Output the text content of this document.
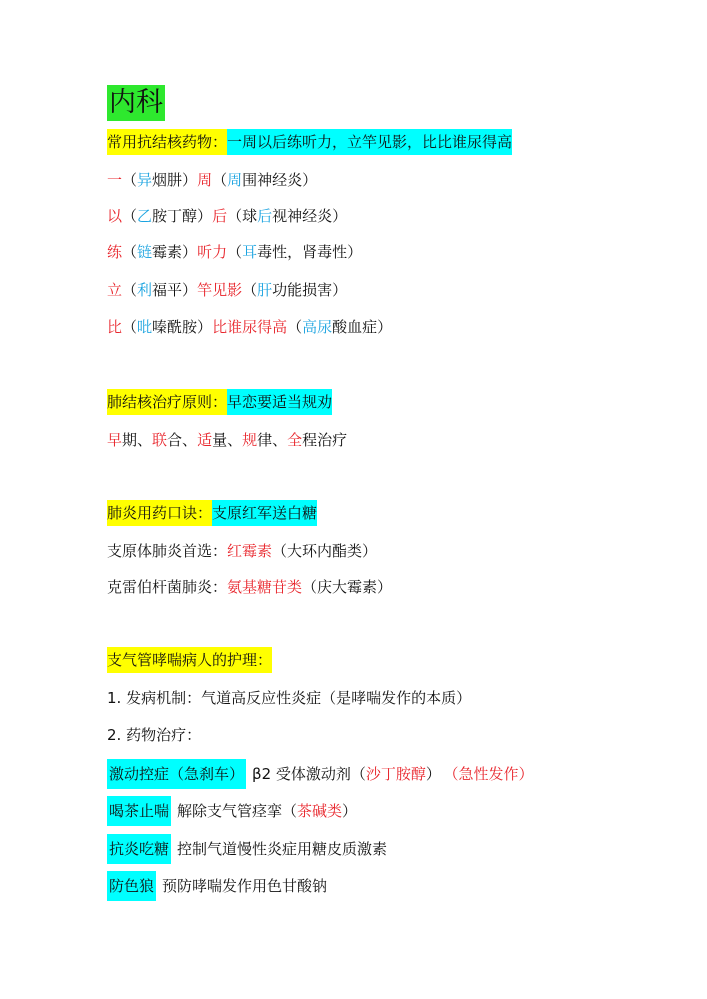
内科
常用抗结核药物：一周以后练听力，立竿见影，比比谁尿得高
一（异烟肼）周（周围神经炎）
以（乙胺丁醇）后（球后视神经炎）
练（链霉素）听力（耳毒性，肾毒性）
立（利福平）竿见影（肝功能损害）
比（吡嗪酰胺）比谁尿得高（高尿酸血症）
肺结核治疗原则：早恋要适当规劝
早期、联合、适量、规律、全程治疗
肺炎用药口诀：支原红军送白糖
支原体肺炎首选：红霉素（大环内酯类）
克雷伯杆菌肺炎：氨基糖苷类（庆大霉素）
支气管哮喘病人的护理：
1. 发病机制：气道高反应性炎症（是哮喘发作的本质）
2. 药物治疗：
激动控症（急刹车） β2 受体激动剂（沙丁胺醇） （急性发作）
喝茶止喘 解除支气管痉挛（茶碱类）
抗炎吃糖 控制气道慢性炎症用糖皮质激素
防色狼 预防哮喘发作用色甘酸钠
